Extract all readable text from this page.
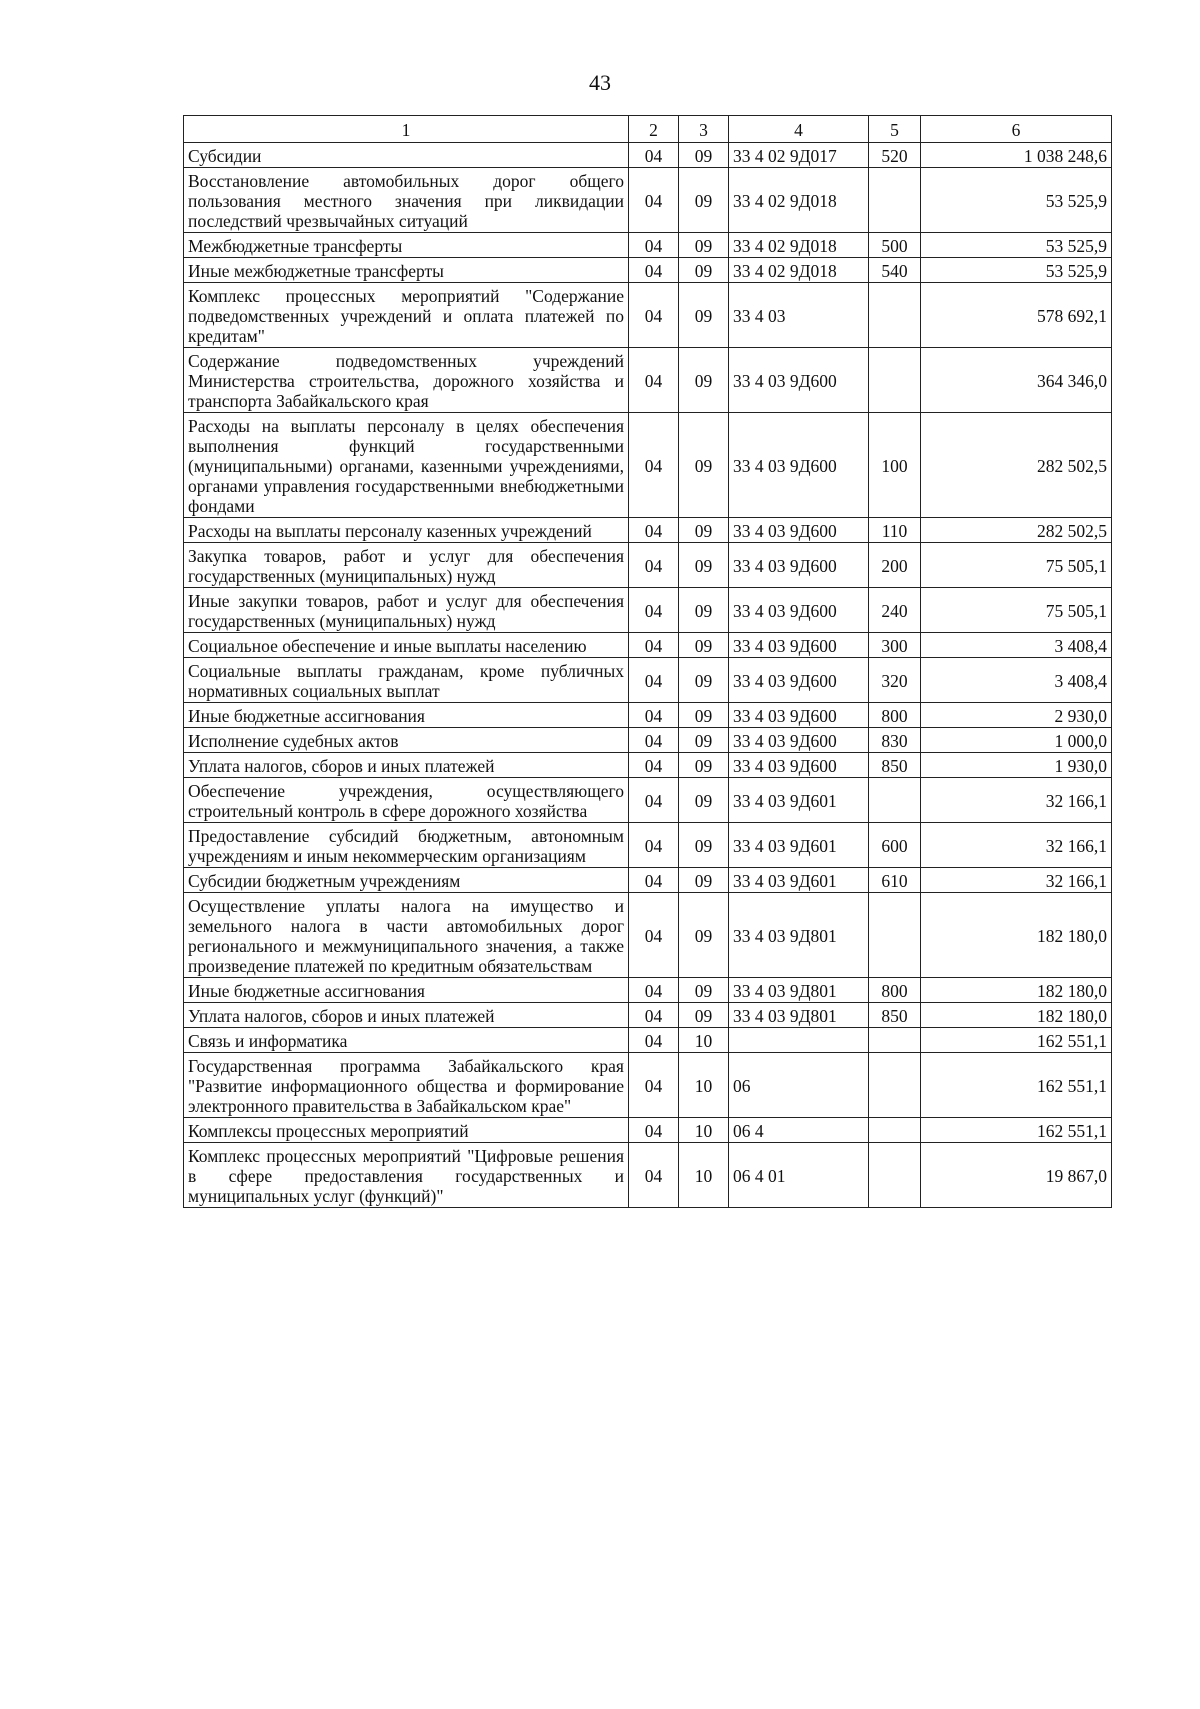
43
1	2	3	4	5	6
Субсидии	04	09	33 4 02 9Д017	520	1 038 248,6
Восстановление автомобильных дорог общего пользования местного значения при ликвидации последствий чрезвычайных ситуаций	04	09	33 4 02 9Д018		53 525,9
Межбюджетные трансферты	04	09	33 4 02 9Д018	500	53 525,9
Иные межбюджетные трансферты	04	09	33 4 02 9Д018	540	53 525,9
Комплекс процессных мероприятий "Содержание подведомственных учреждений и оплата платежей по кредитам"	04	09	33 4 03		578 692,1
Содержание подведомственных учреждений Министерства строительства, дорожного хозяйства и транспорта Забайкальского края	04	09	33 4 03 9Д600		364 346,0
Расходы на выплаты персоналу в целях обеспечения выполнения функций государственными (муниципальными) органами, казенными учреждениями, органами управления государственными внебюджетными фондами	04	09	33 4 03 9Д600	100	282 502,5
Расходы на выплаты персоналу казенных учреждений	04	09	33 4 03 9Д600	110	282 502,5
Закупка товаров, работ и услуг для обеспечения государственных (муниципальных) нужд	04	09	33 4 03 9Д600	200	75 505,1
Иные закупки товаров, работ и услуг для обеспечения государственных (муниципальных) нужд	04	09	33 4 03 9Д600	240	75 505,1
Социальное обеспечение и иные выплаты населению	04	09	33 4 03 9Д600	300	3 408,4
Социальные выплаты гражданам, кроме публичных нормативных социальных выплат	04	09	33 4 03 9Д600	320	3 408,4
Иные бюджетные ассигнования	04	09	33 4 03 9Д600	800	2 930,0
Исполнение судебных актов	04	09	33 4 03 9Д600	830	1 000,0
Уплата налогов, сборов и иных платежей	04	09	33 4 03 9Д600	850	1 930,0
Обеспечение учреждения, осуществляющего строительный контроль в сфере дорожного хозяйства	04	09	33 4 03 9Д601		32 166,1
Предоставление субсидий бюджетным, автономным учреждениям и иным некоммерческим организациям	04	09	33 4 03 9Д601	600	32 166,1
Субсидии бюджетным учреждениям	04	09	33 4 03 9Д601	610	32 166,1
Осуществление уплаты налога на имущество и земельного налога в части автомобильных дорог регионального и межмуниципального значения, а также произведение платежей по кредитным обязательствам	04	09	33 4 03 9Д801		182 180,0
Иные бюджетные ассигнования	04	09	33 4 03 9Д801	800	182 180,0
Уплата налогов, сборов и иных платежей	04	09	33 4 03 9Д801	850	182 180,0
Связь и информатика	04	10			162 551,1
Государственная программа Забайкальского края "Развитие информационного общества и формирование электронного правительства в Забайкальском крае"	04	10	06		162 551,1
Комплексы процессных мероприятий	04	10	06 4		162 551,1
Комплекс процессных мероприятий "Цифровые решения в сфере предоставления государственных и муниципальных услуг (функций)"	04	10	06 4 01		19 867,0
